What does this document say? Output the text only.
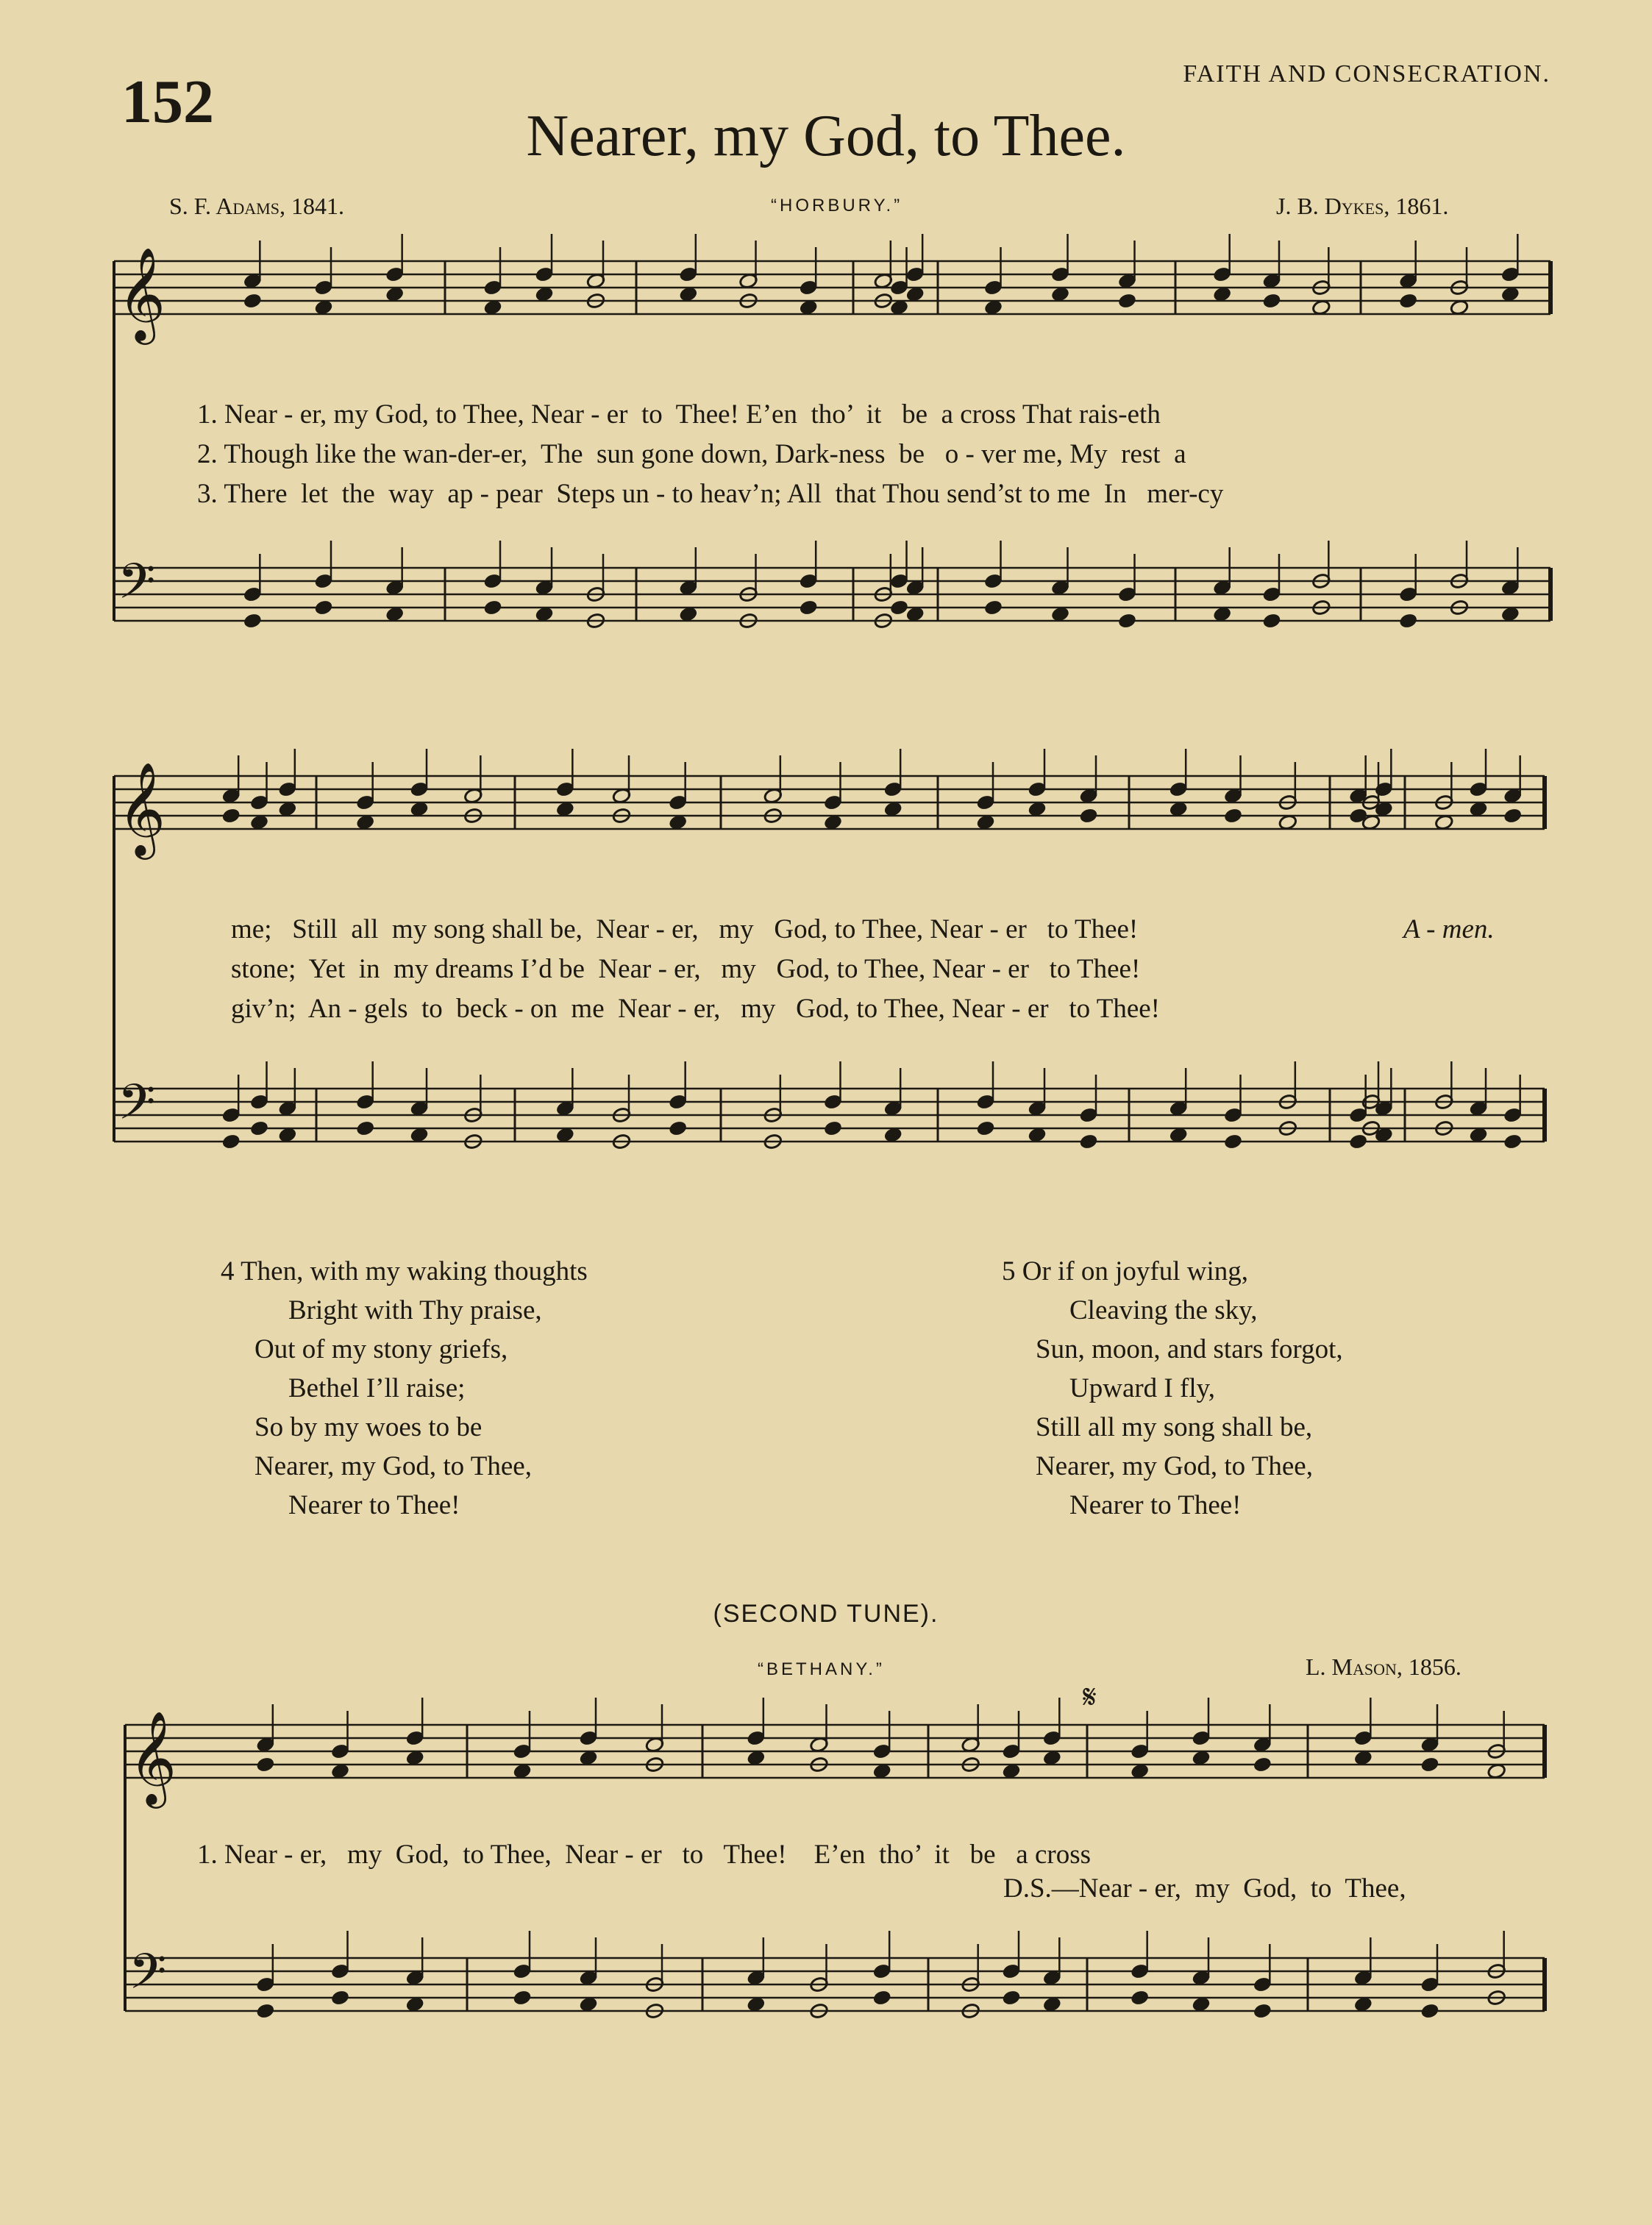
152	FAITH AND CONSECRATION.
Nearer, my God, to Thee.
S. F. Adams, 1841.	“HORBURY.”	J. B. Dykes, 1861.
𝄞
𝄢
𝄞
𝄢
𝄞
𝄢
1. Near - er, my God, to Thee, Near - er  to  Thee! E’en  tho’  it   be  a cross That rais-eth
2. Though like the wan-der-er,  The  sun gone down, Dark-ness  be   o - ver me, My  rest  a
3. There  let  the  way  ap - pear  Steps un - to heav’n; All  that Thou send’st to me  In   mer-cy
me;   Still  all  my song shall be,  Near - er,   my   God, to Thee, Near - er   to Thee!	A - men.
stone;  Yet  in  my dreams I’d be  Near - er,   my   God, to Thee, Near - er   to Thee!
giv’n;  An - gels  to  beck - on  me  Near - er,   my   God, to Thee, Near - er   to Thee!
4 Then, with my waking thoughts
Bright with Thy praise,
Out of my stony griefs,
Bethel I’ll raise;
So by my woes to be
Nearer, my God, to Thee,
Nearer to Thee!
5 Or if on joyful wing,
Cleaving the sky,
Sun, moon, and stars forgot,
Upward I fly,
Still all my song shall be,
Nearer, my God, to Thee,
Nearer to Thee!
(SECOND TUNE).
“BETHANY.”	L. Mason, 1856.
𝄋
1. Near - er,   my  God,  to Thee,  Near - er   to   Thee!    E’en  tho’  it   be   a cross
D.S.—Near - er,  my  God,  to  Thee,
